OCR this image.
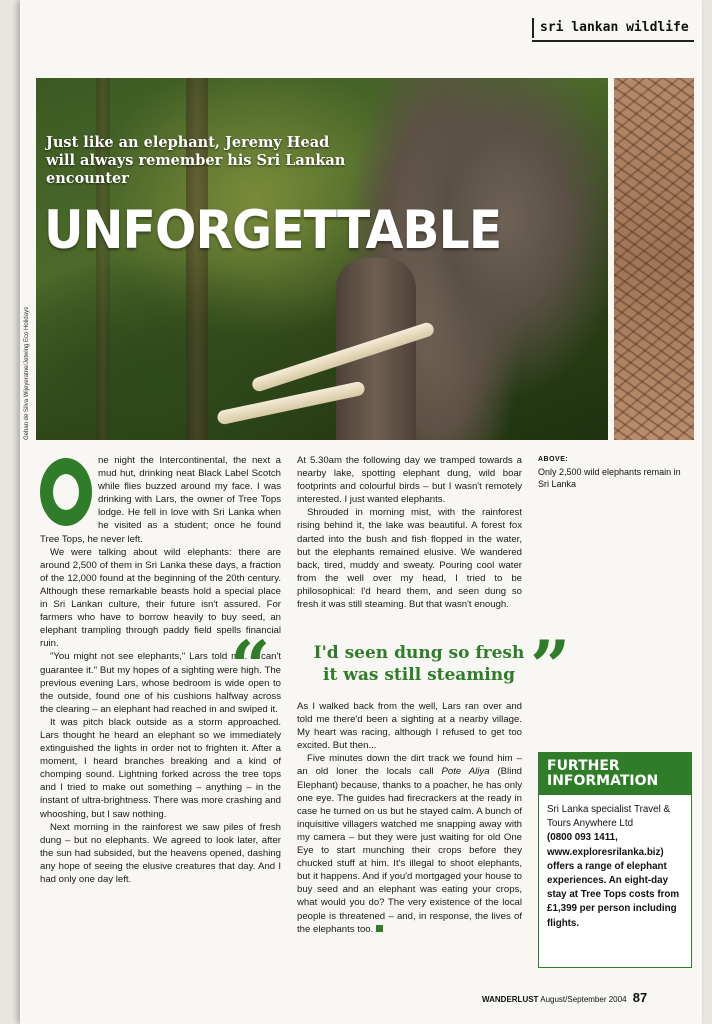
sri lankan wildlife
Just like an elephant, Jeremy Head will always remember his Sri Lankan encounter
UNFORGETTABLE
Gehan de Silva Wijeyeratne/Jetwing Eco Holidays
ABOVE:
Only 2,500 wild elephants remain in Sri Lanka

ne night the Intercontinental, the next a mud hut, drinking neat Black Label Scotch while flies buzzed around my face. I was drinking with Lars, the owner of Tree Tops lodge. He fell in love with Sri Lanka when he visited as a student; once he found Tree Tops, he never left.

We were talking about wild elephants: there are around 2,500 of them in Sri Lanka these days, a fraction of the 12,000 found at the beginning of the 20th century. Although these remarkable beasts hold a special place in Sri Lankan culture, their future isn't assured. For farmers who have to borrow heavily to buy seed, an elephant trampling through paddy field spells financial ruin.

"You might not see elephants," Lars told me. "I can't guarantee it." But my hopes of a sighting were high. The previous evening Lars, whose bedroom is wide open to the outside, found one of his cushions halfway across the clearing – an elephant had reached in and swiped it.

It was pitch black outside as a storm approached. Lars thought he heard an elephant so we immediately extinguished the lights in order not to frighten it. After a moment, I heard branches breaking and a kind of chomping sound. Lightning forked across the tree tops and I tried to make out something – anything – in the instant of ultra-brightness. There was more crashing and whooshing, but I saw nothing.

Next morning in the rainforest we saw piles of fresh dung – but no elephants. We agreed to look later, after the sun had subsided, but the heavens opened, dashing any hope of seeing the elusive creatures that day. And I had only one day left.

At 5.30am the following day we tramped towards a nearby lake, spotting elephant dung, wild boar footprints and colourful birds – but I wasn't remotely interested. I just wanted elephants.

Shrouded in morning mist, with the rainforest rising behind it, the lake was beautiful. A forest fox darted into the bush and fish flopped in the water, but the elephants remained elusive. We wandered back, tired, muddy and sweaty. Pouring cool water from the well over my head, I tried to be philosophical: I'd heard them, and seen dung so fresh it was still steaming. But that wasn't enough.

“	I'd seen dung so fresh it was still steaming ”

As I walked back from the well, Lars ran over and told me there'd been a sighting at a nearby village. My heart was racing, although I refused to get too excited. But then...

Five minutes down the dirt track we found him – an old loner the locals call Pote Aliya (Blind Elephant) because, thanks to a poacher, he has only one eye. The guides had firecrackers at the ready in case he turned on us but he stayed calm. A bunch of inquisitive villagers watched me snapping away with my camera – but they were just waiting for old One Eye to start munching their crops before they chucked stuff at him. It's illegal to shoot elephants, but it happens. And if you'd mortgaged your house to buy seed and an elephant was eating your crops, what would you do? The very existence of the local people is threatened – and, in response, the lives of the elephants too.

FURTHER
INFORMATION
Sri Lanka specialist Travel & Tours Anywhere Ltd
(0800 093 1411, www.exploresrilanka.biz) offers a range of elephant experiences. An eight-day stay at Tree Tops costs from £1,399 per person including flights.
WANDERLUST August/September 2004 87
